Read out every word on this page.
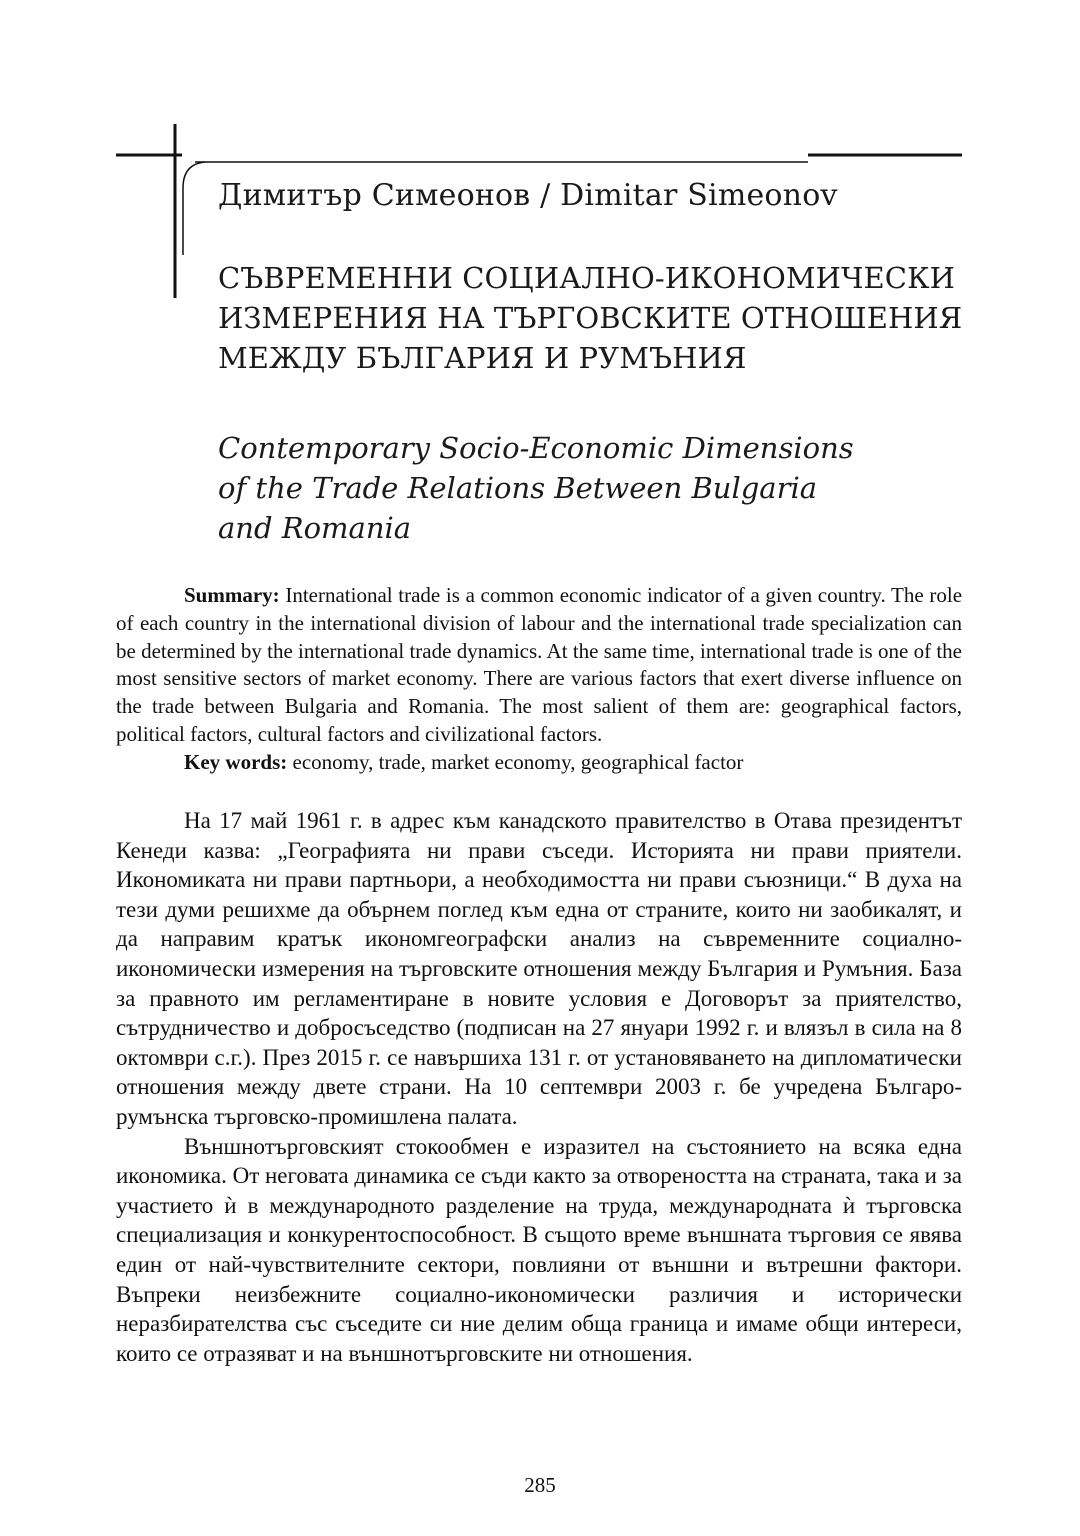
Димитър Симеонов / Dimitar Simeonov
СЪВРЕМЕННИ СОЦИАЛНО-ИКОНОМИЧЕСКИ
ИЗМЕРЕНИЯ НА ТЪРГОВСКИТЕ ОТНОШЕНИЯ
МЕЖДУ БЪЛГАРИЯ И РУМЪНИЯ
Contemporary Socio-Economic Dimensions
of the Trade Relations Between Bulgaria
and Romania

Summary: International trade is a common economic indicator of a given country. The role of each country in the international division of labour and the international trade specialization can be determined by the international trade dynamics. At the same time, international trade is one of the most sensitive sectors of market economy. There are various factors that exert diverse influence on the trade between Bulgaria and Romania. The most salient of them are: geographical factors, political factors, cultural factors and civilizational factors.

Key words: economy, trade, market economy, geographical factor

На 17 май 1961 г. в адрес към канадското правителство в Отава президентът Кенеди казва: „Географията ни прави съседи. Историята ни прави приятели. Икономиката ни прави партньори, а необходимостта ни прави съюзници.“ В духа на тези думи решихме да обърнем поглед към една от страните, които ни заобикалят, и да направим кратък икономгеографски анализ на съвременните социално-икономически измерения на търговските отношения между България и Румъния. База за правното им регламентиране в новите условия е Договорът за приятелство, сътрудничество и добросъседство (подписан на 27 януари 1992 г. и влязъл в сила на 8 октомври с.г.). През 2015 г. се навършиха 131 г. от установяването на дипломатически отношения между двете страни. На 10 септември 2003 г. бе учредена Българо-румънска търговско-промишлена палата.

Външнотърговският стокообмен е изразител на състоянието на всяка една икономика. От неговата динамика се съди както за отвореността на страната, така и за участието ѝ в международното разделение на труда, международната ѝ търговска специализация и конкурентоспособност. В същото време външната търговия се явява един от най-чувствителните сектори, повлияни от външни и вътрешни фактори. Въпреки неизбежните социално-икономически различия и исторически неразбирателства със съседите си ние делим обща граница и имаме общи интереси, които се отразяват и на външнотърговските ни отношения.

285
